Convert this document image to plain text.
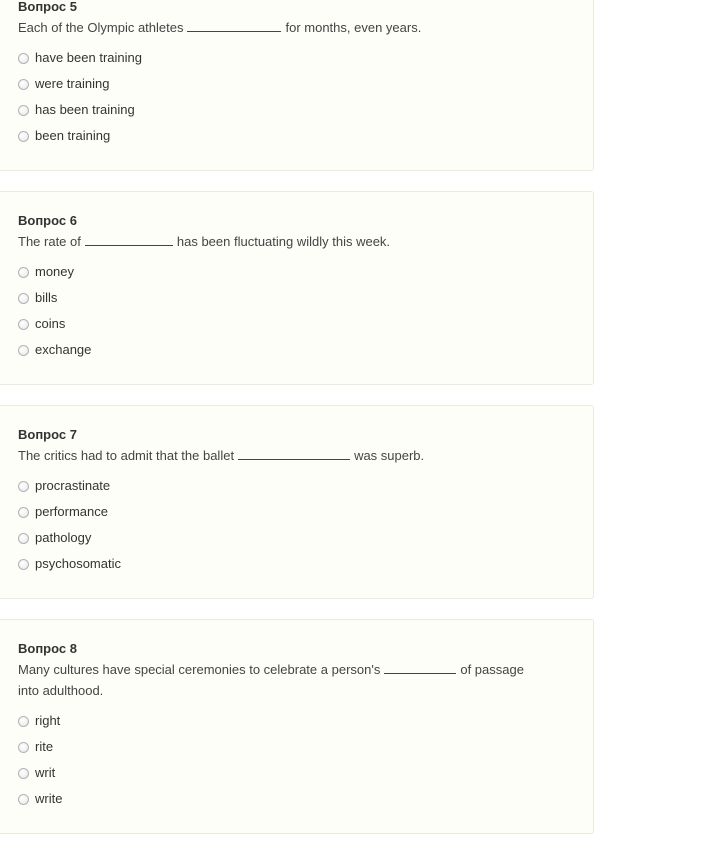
Вопрос 5
Each of the Olympic athletes	for months, even years.
have been training
were training
has been training
been training
Вопрос 6
The rate of	has been fluctuating wildly this week.
money
bills
coins
exchange
Вопрос 7
The critics had to admit that the ballet	was superb.
procrastinate
performance
pathology
psychosomatic
Вопрос 8
Many cultures have special ceremonies to celebrate a person's	of passage
into adulthood.
right
rite
writ
write
